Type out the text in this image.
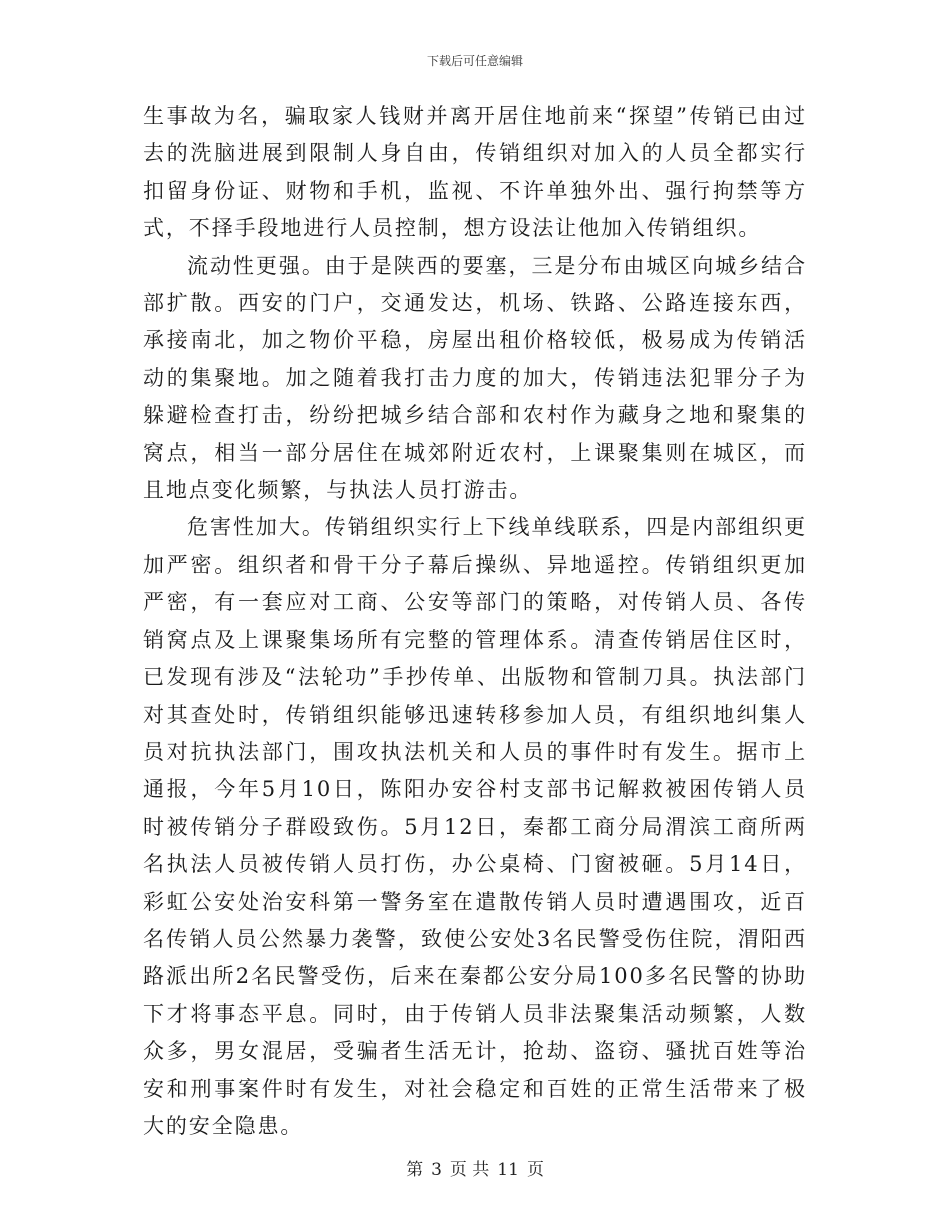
下载后可任意编辑

生事故为名，骗取家人钱财并离开居住地前来“探望”传销已由过去的洗脑进展到限制人身自由，传销组织对加入的人员全都实行扣留身份证、财物和手机，监视、不许单独外出、强行拘禁等方式，不择手段地进行人员控制，想方设法让他加入传销组织。

流动性更强。由于是陕西的要塞，三是分布由城区向城乡结合部扩散。西安的门户，交通发达，机场、铁路、公路连接东西，承接南北，加之物价平稳，房屋出租价格较低，极易成为传销活动的集聚地。加之随着我打击力度的加大，传销违法犯罪分子为躲避检查打击，纷纷把城乡结合部和农村作为藏身之地和聚集的窝点，相当一部分居住在城郊附近农村，上课聚集则在城区，而且地点变化频繁，与执法人员打游击。

危害性加大。传销组织实行上下线单线联系，四是内部组织更加严密。组织者和骨干分子幕后操纵、异地遥控。传销组织更加严密，有一套应对工商、公安等部门的策略，对传销人员、各传销窝点及上课聚集场所有完整的管理体系。清查传销居住区时，已发现有涉及“法轮功”手抄传单、出版物和管制刀具。执法部门对其查处时，传销组织能够迅速转移参加人员，有组织地纠集人员对抗执法部门，围攻执法机关和人员的事件时有发生。据市上通报，今年5月10日，陈阳办安谷村支部书记解救被困传销人员时被传销分子群殴致伤。5月12日，秦都工商分局渭滨工商所两名执法人员被传销人员打伤，办公桌椅、门窗被砸。5月14日，彩虹公安处治安科第一警务室在遣散传销人员时遭遇围攻，近百名传销人员公然暴力袭警，致使公安处3名民警受伤住院，渭阳西路派出所2名民警受伤，后来在秦都公安分局100多名民警的协助下才将事态平息。同时，由于传销人员非法聚集活动频繁，人数众多，男女混居，受骗者生活无计，抢劫、盗窃、骚扰百姓等治安和刑事案件时有发生，对社会稳定和百姓的正常生活带来了极大的安全隐患。

第 3 页 共 11 页
